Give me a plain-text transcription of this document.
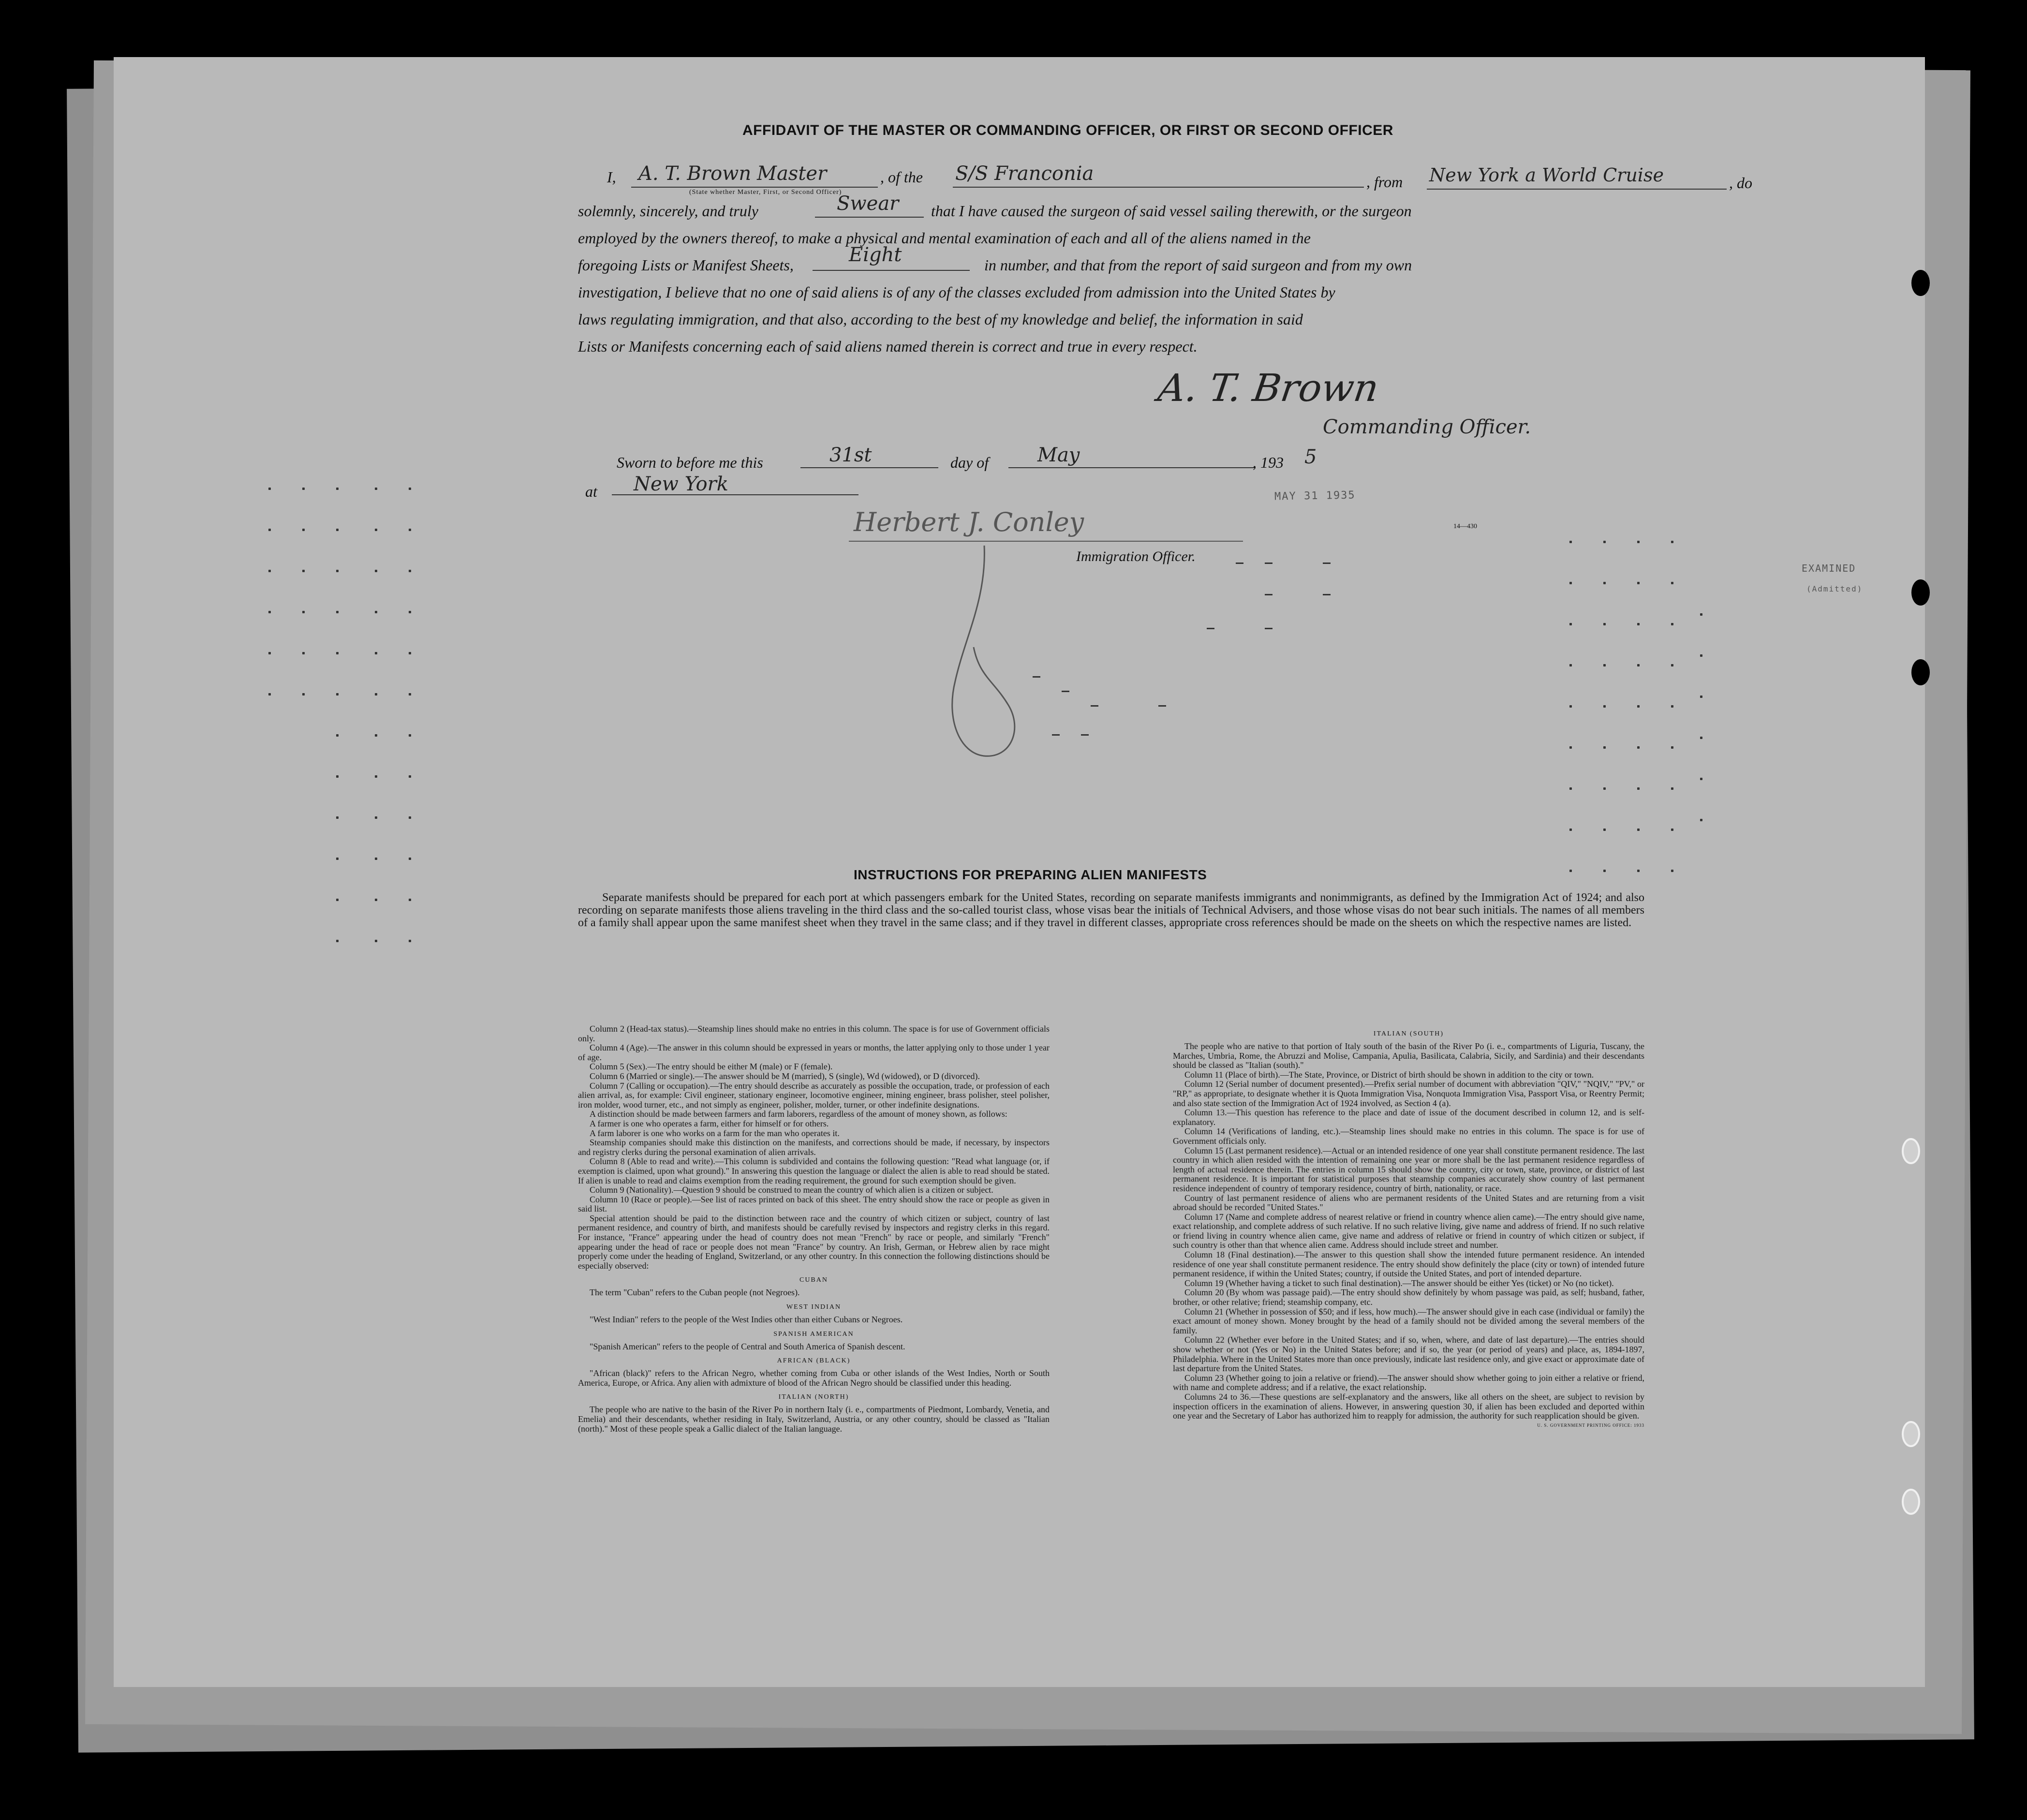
AFFIDAVIT OF THE MASTER OR COMMANDING OFFICER, OR FIRST OR SECOND OFFICER
I, A. T. Brown Master
(State whether Master, First, or Second Officer)
, of the S/S Franconia	, from New York a World Cruise	, do
solemnly, sincerely, and truly	Swear that I have caused the surgeon of said vessel sailing therewith, or the surgeon
employed by the owners thereof, to make a physical and mental examination of each and all of the aliens named in the
foregoing Lists or Manifest Sheets,	Eight	in number, and that from the report of said surgeon and from my own
investigation, I believe that no one of said aliens is of any of the classes excluded from admission into the United States by
laws regulating immigration, and that also, according to the best of my knowledge and belief, the information in said
Lists or Manifests concerning each of said aliens named therein is correct and true in every respect.
A. T. Brown
Commanding Officer.
Sworn to before me this	31st	day of	May	, 193 5
at New York
Herbert J. Conley
Immigration Officer.
MAY 31 1935
14—430
EXAMINED
(Admitted)
INSTRUCTIONS FOR PREPARING ALIEN MANIFESTS
Separate manifests should be prepared for each port at which passengers embark for the United States, recording on separate manifests immigrants and nonimmigrants, as defined by the Immigration Act of 1924; and also recording on separate manifests those aliens traveling in the third class and the so-called tourist class, whose visas bear the initials of Technical Advisers, and those whose visas do not bear such initials. The names of all members of a family shall appear upon the same manifest sheet when they travel in the same class; and if they travel in different classes, appropriate cross references should be made on the sheets on which the respective names are listed.

Column 2 (Head-tax status).—Steamship lines should make no entries in this column. The space is for use of Government officials only.

Column 4 (Age).—The answer in this column should be expressed in years or months, the latter applying only to those under 1 year of age.

Column 5 (Sex).—The entry should be either M (male) or F (female).

Column 6 (Married or single).—The answer should be M (married), S (single), Wd (widowed), or D (divorced).

Column 7 (Calling or occupation).—The entry should describe as accurately as possible the occupation, trade, or profession of each alien arrival, as, for example: Civil engineer, stationary engineer, locomotive engineer, mining engineer, brass polisher, steel polisher, iron molder, wood turner, etc., and not simply as engineer, polisher, molder, turner, or other indefinite designations.

A distinction should be made between farmers and farm laborers, regardless of the amount of money shown, as follows:

A farmer is one who operates a farm, either for himself or for others.

A farm laborer is one who works on a farm for the man who operates it.

Steamship companies should make this distinction on the manifests, and corrections should be made, if necessary, by inspectors and registry clerks during the personal examination of alien arrivals.

Column 8 (Able to read and write).—This column is subdivided and contains the following question: "Read what language (or, if exemption is claimed, upon what ground)." In answering this question the language or dialect the alien is able to read should be stated. If alien is unable to read and claims exemption from the reading requirement, the ground for such exemption should be given.

Column 9 (Nationality).—Question 9 should be construed to mean the country of which alien is a citizen or subject.

Column 10 (Race or people).—See list of races printed on back of this sheet. The entry should show the race or people as given in said list.

Special attention should be paid to the distinction between race and the country of which citizen or subject, country of last permanent residence, and country of birth, and manifests should be carefully revised by inspectors and registry clerks in this regard. For instance, "France" appearing under the head of country does not mean "French" by race or people, and similarly "French" appearing under the head of race or people does not mean "France" by country. An Irish, German, or Hebrew alien by race might properly come under the heading of England, Switzerland, or any other country. In this connection the following distinctions should be especially observed:

CUBAN

The term "Cuban" refers to the Cuban people (not Negroes).

WEST INDIAN

"West Indian" refers to the people of the West Indies other than either Cubans or Negroes.

SPANISH AMERICAN

"Spanish American" refers to the people of Central and South America of Spanish descent.

AFRICAN (BLACK)

"African (black)" refers to the African Negro, whether coming from Cuba or other islands of the West Indies, North or South America, Europe, or Africa. Any alien with admixture of blood of the African Negro should be classified under this heading.

ITALIAN (NORTH)

The people who are native to the basin of the River Po in northern Italy (i. e., compartments of Piedmont, Lombardy, Venetia, and Emelia) and their descendants, whether residing in Italy, Switzerland, Austria, or any other country, should be classed as "Italian (north)." Most of these people speak a Gallic dialect of the Italian language.

ITALIAN (SOUTH)

The people who are native to that portion of Italy south of the basin of the River Po (i. e., compartments of Liguria, Tuscany, the Marches, Umbria, Rome, the Abruzzi and Molise, Campania, Apulia, Basilicata, Calabria, Sicily, and Sardinia) and their descendants should be classed as "Italian (south)."

Column 11 (Place of birth).—The State, Province, or District of birth should be shown in addition to the city or town.

Column 12 (Serial number of document presented).—Prefix serial number of document with abbreviation "QIV," "NQIV," "PV," or "RP," as appropriate, to designate whether it is Quota Immigration Visa, Nonquota Immigration Visa, Passport Visa, or Reentry Permit; and also state section of the Immigration Act of 1924 involved, as Section 4 (a).

Column 13.—This question has reference to the place and date of issue of the document described in column 12, and is self-explanatory.

Column 14 (Verifications of landing, etc.).—Steamship lines should make no entries in this column. The space is for use of Government officials only.

Column 15 (Last permanent residence).—Actual or an intended residence of one year shall constitute permanent residence. The last country in which alien resided with the intention of remaining one year or more shall be the last permanent residence regardless of length of actual residence therein. The entries in column 15 should show the country, city or town, state, province, or district of last permanent residence. It is important for statistical purposes that steamship companies accurately show country of last permanent residence independent of country of temporary residence, country of birth, nationality, or race.

Country of last permanent residence of aliens who are permanent residents of the United States and are returning from a visit abroad should be recorded "United States."

Column 17 (Name and complete address of nearest relative or friend in country whence alien came).—The entry should give name, exact relationship, and complete address of such relative. If no such relative living, give name and address of friend. If no such relative or friend living in country whence alien came, give name and address of relative or friend in country of which citizen or subject, if such country is other than that whence alien came. Address should include street and number.

Column 18 (Final destination).—The answer to this question shall show the intended future permanent residence. An intended residence of one year shall constitute permanent residence. The entry should show definitely the place (city or town) of intended future permanent residence, if within the United States; country, if outside the United States, and port of intended departure.

Column 19 (Whether having a ticket to such final destination).—The answer should be either Yes (ticket) or No (no ticket).

Column 20 (By whom was passage paid).—The entry should show definitely by whom passage was paid, as self; husband, father, brother, or other relative; friend; steamship company, etc.

Column 21 (Whether in possession of $50; and if less, how much).—The answer should give in each case (individual or family) the exact amount of money shown. Money brought by the head of a family should not be divided among the several members of the family.

Column 22 (Whether ever before in the United States; and if so, when, where, and date of last departure).—The entries should show whether or not (Yes or No) in the United States before; and if so, the year (or period of years) and place, as, 1894-1897, Philadelphia. Where in the United States more than once previously, indicate last residence only, and give exact or approximate date of last departure from the United States.

Column 23 (Whether going to join a relative or friend).—The answer should show whether going to join either a relative or friend, with name and complete address; and if a relative, the exact relationship.

Columns 24 to 36.—These questions are self-explanatory and the answers, like all others on the sheet, are subject to revision by inspection officers in the examination of aliens. However, in answering question 30, if alien has been excluded and deported within one year and the Secretary of Labor has authorized him to reapply for admission, the authority for such reapplication should be given.

U. S. GOVERNMENT PRINTING OFFICE: 1933
